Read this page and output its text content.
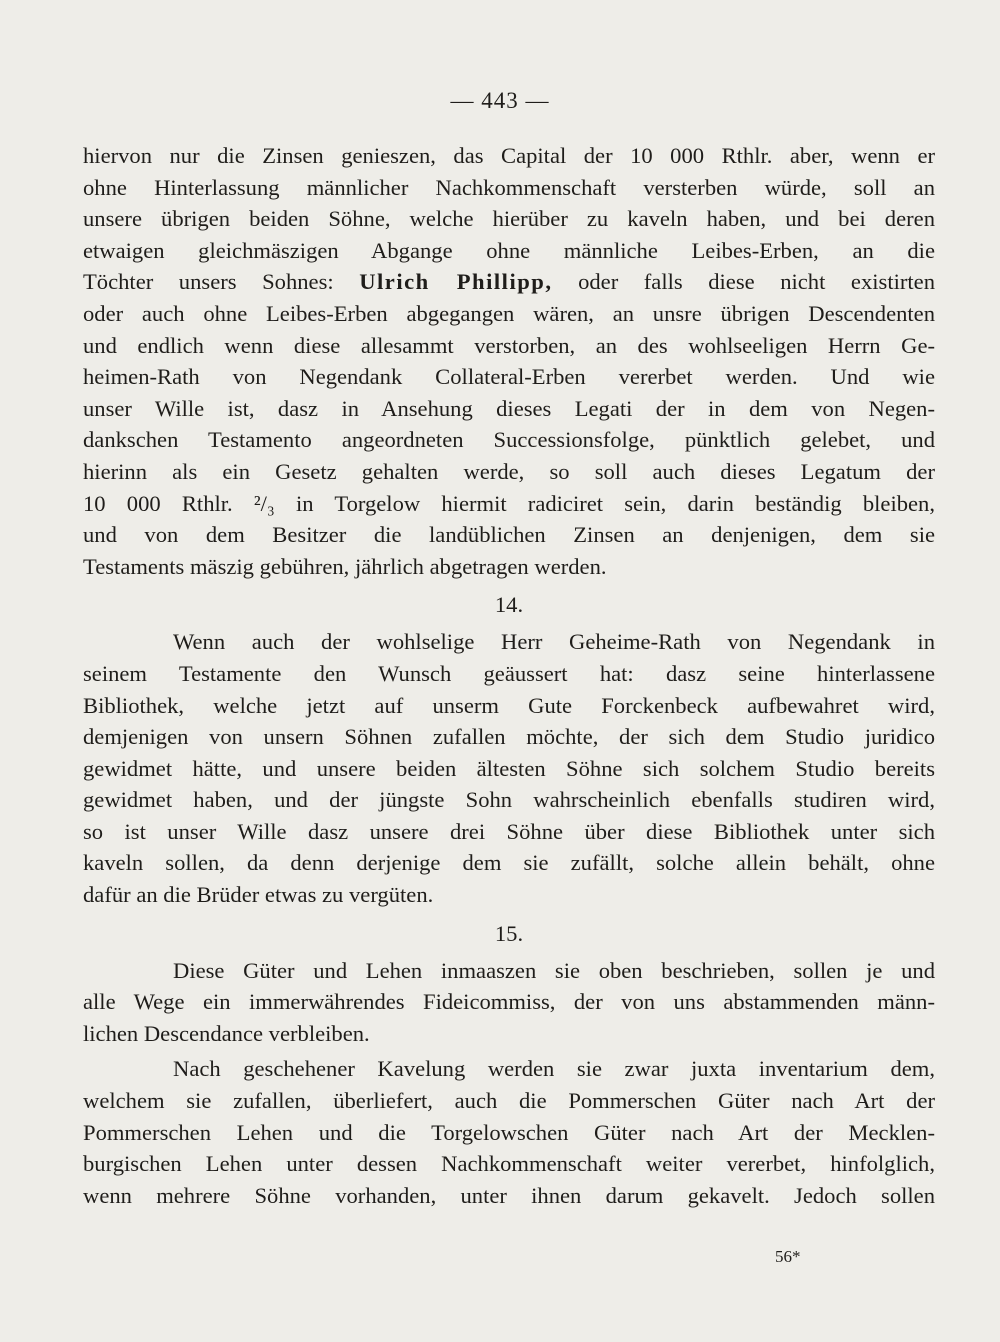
— 443 —

hiervon nur die Zinsen genieszen, das Capital der 10 000 Rthlr. aber, wenn er
ohne Hinterlassung männlicher Nachkommenschaft versterben würde, soll an
unsere übrigen beiden Söhne, welche hierüber zu kaveln haben, und bei deren
etwaigen gleichmäszigen Abgange ohne männliche Leibes-Erben, an die
Töchter unsers Sohnes: Ulrich Phillipp, oder falls diese nicht existirten
oder auch ohne Leibes-Erben abgegangen wären, an unsre übrigen Descendenten
und endlich wenn diese allesammt verstorben, an des wohlseeligen Herrn Ge-
heimen-Rath von Negendank Collateral-Erben vererbet werden. Und wie
unser Wille ist, dasz in Ansehung dieses Legati der in dem von Negen-
dankschen Testamento angeordneten Successionsfolge, pünktlich gelebet, und
hierinn als ein Gesetz gehalten werde, so soll auch dieses Legatum der
10 000 Rthlr. ²/₃ in Torgelow hiermit radiciret sein, darin beständig bleiben,
und von dem Besitzer die landüblichen Zinsen an denjenigen, dem sie
Testaments mäszig gebühren, jährlich abgetragen werden.

14.

Wenn auch der wohlselige Herr Geheime-Rath von Negendank in
seinem Testamente den Wunsch geäussert hat: dasz seine hinterlassene
Bibliothek, welche jetzt auf unserm Gute Forckenbeck aufbewahret wird,
demjenigen von unsern Söhnen zufallen möchte, der sich dem Studio juridico
gewidmet hätte, und unsere beiden ältesten Söhne sich solchem Studio bereits
gewidmet haben, und der jüngste Sohn wahrscheinlich ebenfalls studiren wird,
so ist unser Wille dasz unsere drei Söhne über diese Bibliothek unter sich
kaveln sollen, da denn derjenige dem sie zufällt, solche allein behält, ohne
dafür an die Brüder etwas zu vergüten.

15.

Diese Güter und Lehen inmaaszen sie oben beschrieben, sollen je und
alle Wege ein immerwährendes Fideicommiss, der von uns abstammenden männ-
lichen Descendance verbleiben.

Nach geschehener Kavelung werden sie zwar juxta inventarium dem,
welchem sie zufallen, überliefert, auch die Pommerschen Güter nach Art der
Pommerschen Lehen und die Torgelowschen Güter nach Art der Mecklen-
burgischen Lehen unter dessen Nachkommenschaft weiter vererbet, hinfolglich,
wenn mehrere Söhne vorhanden, unter ihnen darum gekavelt. Jedoch sollen

56*
